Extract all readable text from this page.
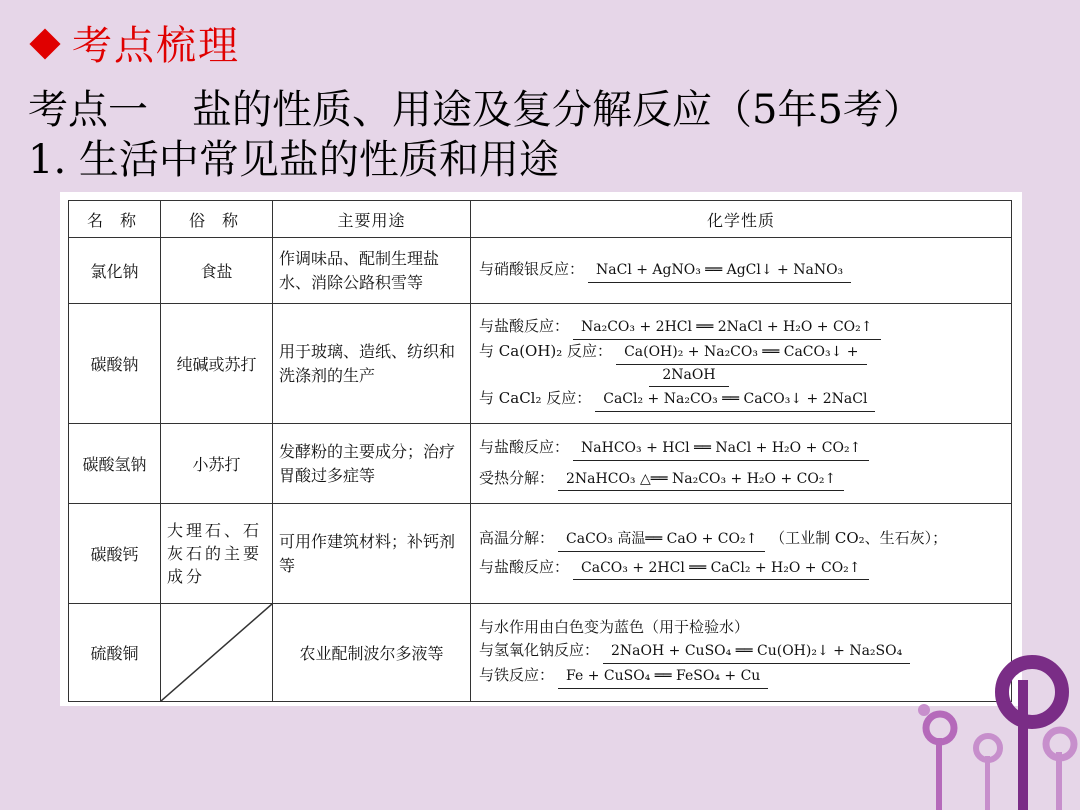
考点梳理
考点一 盐的性质、用途及复分解反应（5年5考）
1. 生活中常见盐的性质和用途
名 称	俗 称	主要用途	化学性质
氯化钠	食盐	作调味品、配制生理盐水、消除公路积雪等	与硝酸银反应： NaCl + AgNO₃ ══ AgCl↓ + NaNO₃
碳酸钠	纯碱或苏打	用于玻璃、造纸、纺织和洗涤剂的生产	与盐酸反应： Na₂CO₃ + 2HCl ══ 2NaCl + H₂O + CO₂↑
与 Ca(OH)₂ 反应： Ca(OH)₂ + Na₂CO₃ ══ CaCO₃↓ +
2NaOH
与 CaCl₂ 反应： CaCl₂ + Na₂CO₃ ══ CaCO₃↓ + 2NaCl

碳酸氢钠	小苏打	发酵粉的主要成分；治疗胃酸过多症等	与盐酸反应： NaHCO₃ + HCl ══ NaCl + H₂O + CO₂↑
受热分解： 2NaHCO₃ △══ Na₂CO₃ + H₂O + CO₂↑

碳酸钙	大理石、石灰石的主要成分	可用作建筑材料；补钙剂等	高温分解： CaCO₃ 高温══ CaO + CO₂↑ （工业制 CO₂、生石灰）；
与盐酸反应： CaCO₃ + 2HCl ══ CaCl₂ + H₂O + CO₂↑

硫酸铜		农业配制波尔多液等	与水作用由白色变为蓝色（用于检验水）
与氢氧化钠反应： 2NaOH + CuSO₄ ══ Cu(OH)₂↓ + Na₂SO₄
与铁反应： Fe + CuSO₄ ══ FeSO₄ + Cu
